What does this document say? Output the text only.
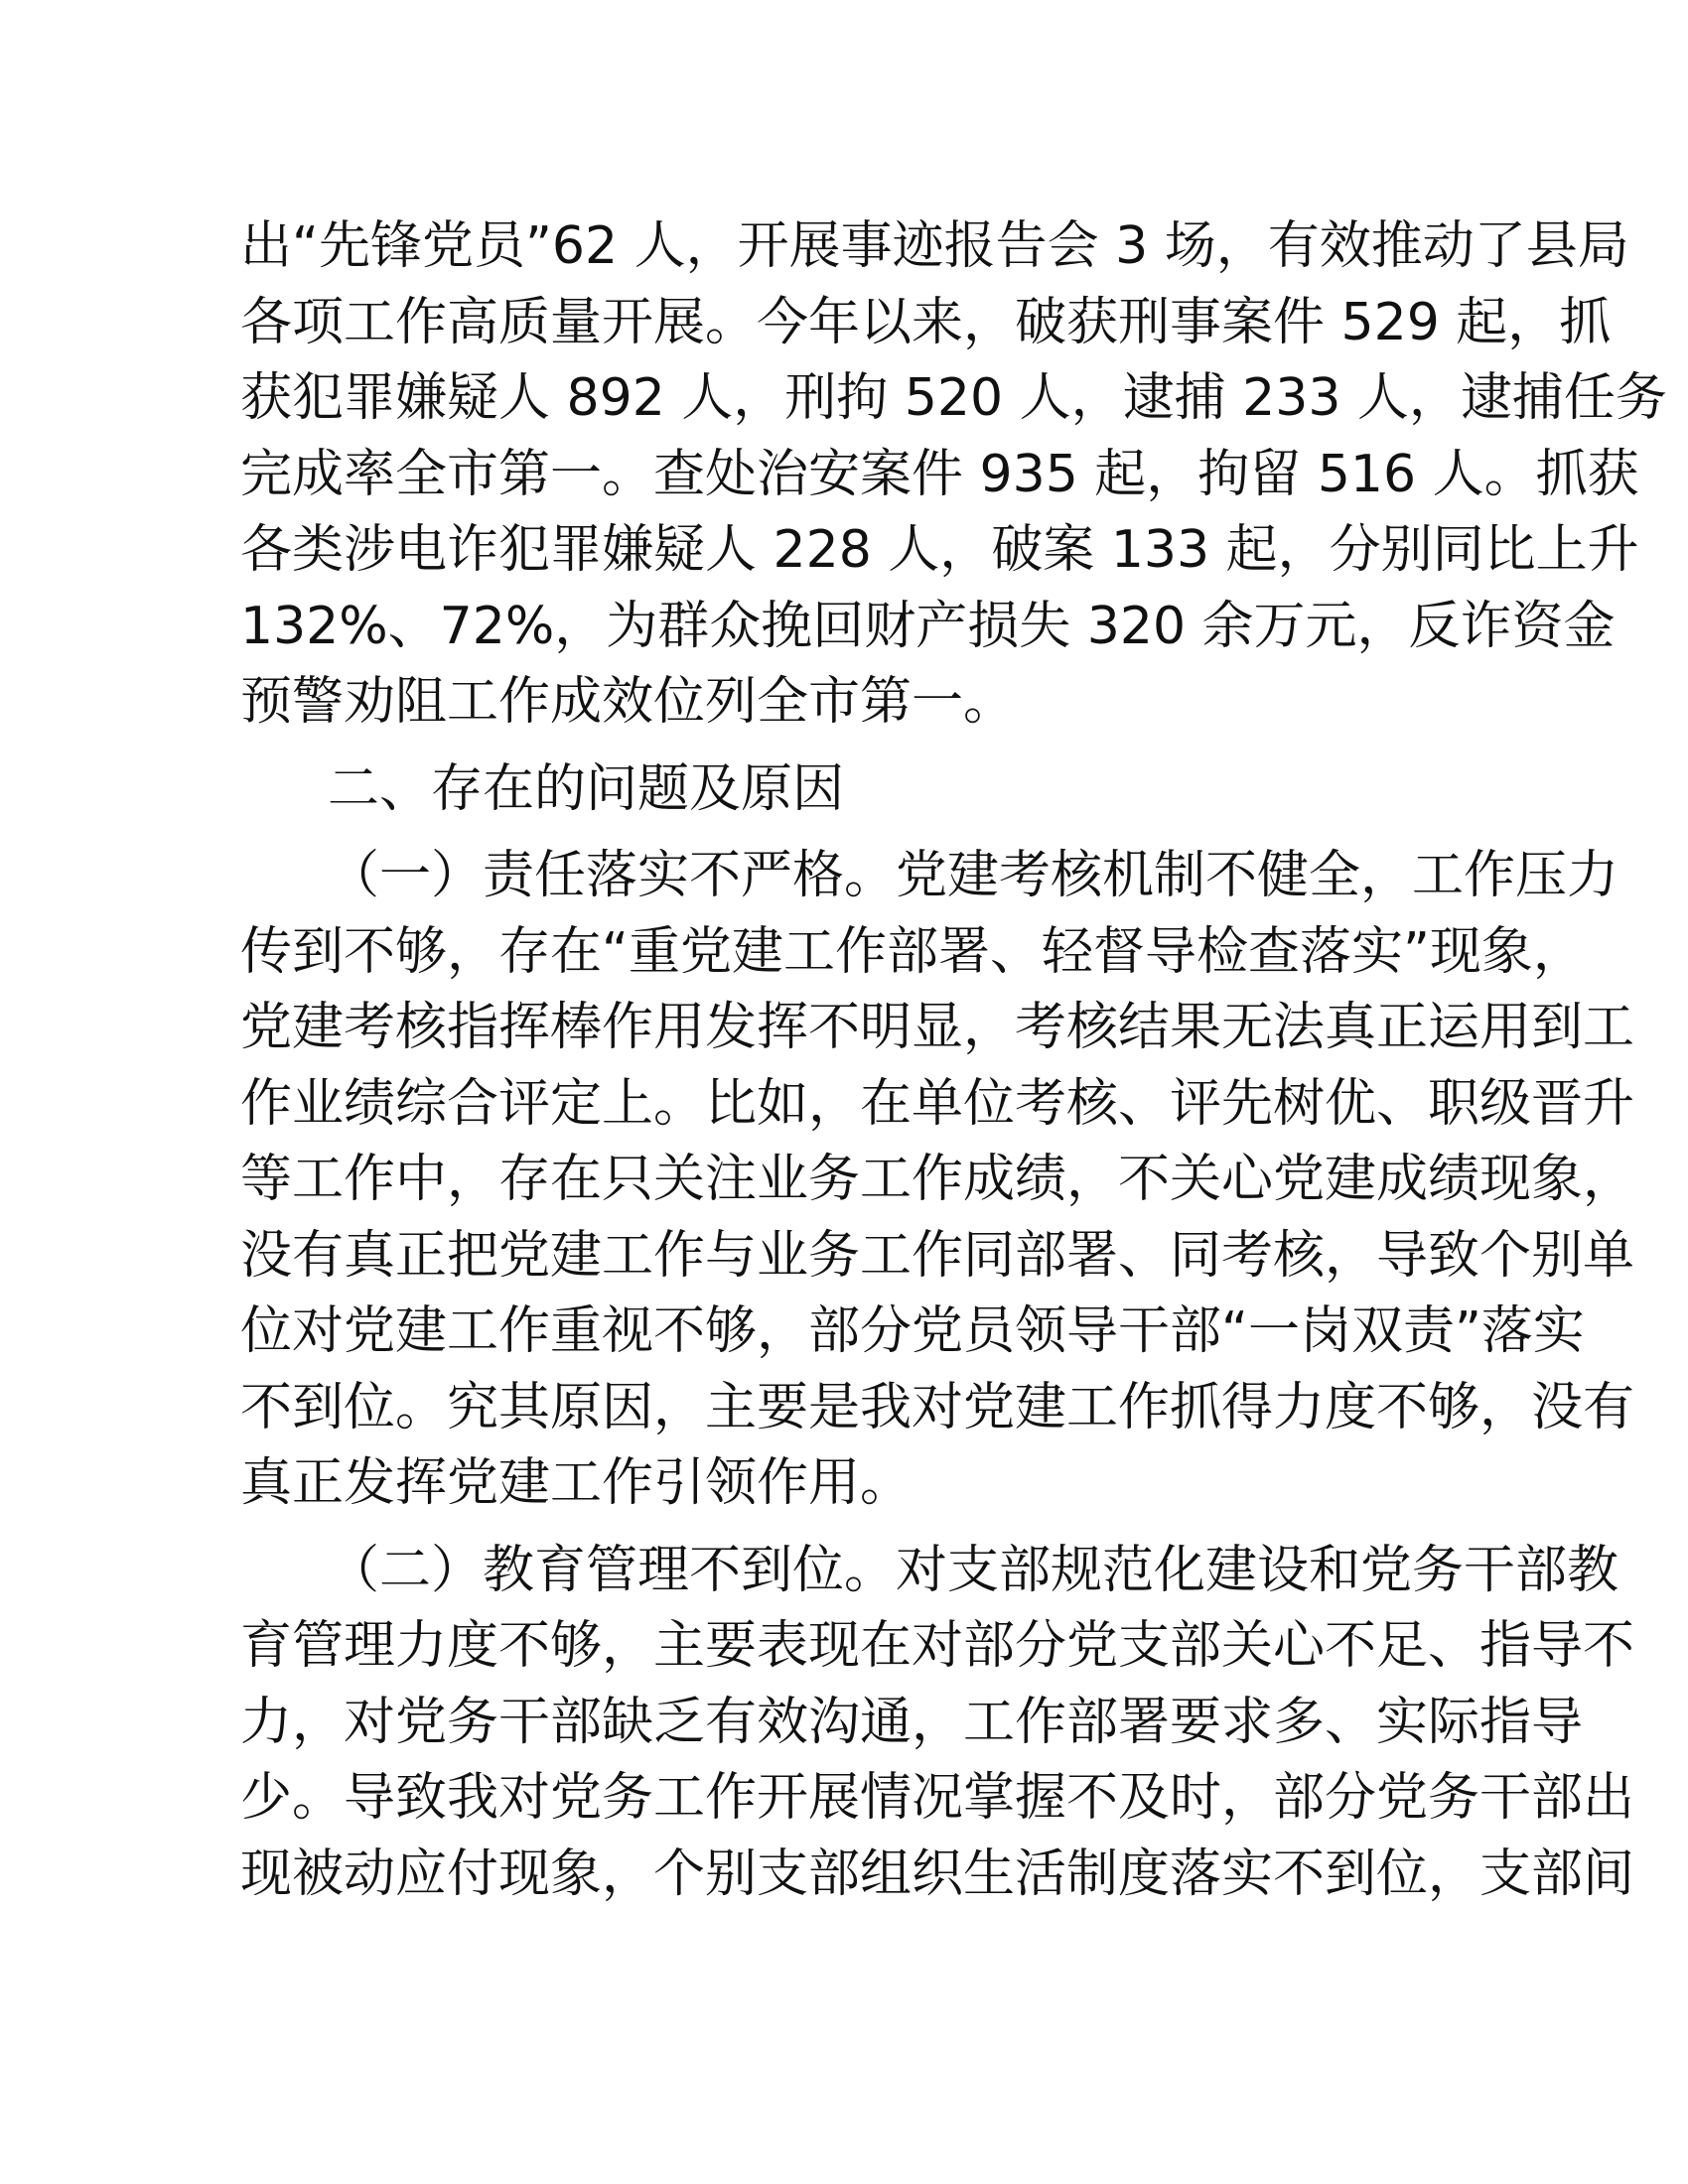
出“先锋党员”62 人，开展事迹报告会 3 场，有效推动了县局
各项工作高质量开展。今年以来，破获刑事案件 529 起，抓
获犯罪嫌疑人 892 人，刑拘 520 人，逮捕 233 人，逮捕任务
完成率全市第一。查处治安案件 935 起，拘留 516 人。抓获
各类涉电诈犯罪嫌疑人 228 人，破案 133 起，分别同比上升
132%、72%，为群众挽回财产损失 320 余万元，反诈资金
预警劝阻工作成效位列全市第一。
二、存在的问题及原因
（一）责任落实不严格。党建考核机制不健全，工作压力
传到不够，存在“重党建工作部署、轻督导检查落实”现象，
党建考核指挥棒作用发挥不明显，考核结果无法真正运用到工
作业绩综合评定上。比如，在单位考核、评先树优、职级晋升
等工作中，存在只关注业务工作成绩，不关心党建成绩现象，
没有真正把党建工作与业务工作同部署、同考核，导致个别单
位对党建工作重视不够，部分党员领导干部“一岗双责”落实
不到位。究其原因，主要是我对党建工作抓得力度不够，没有
真正发挥党建工作引领作用。
（二）教育管理不到位。对支部规范化建设和党务干部教
育管理力度不够，主要表现在对部分党支部关心不足、指导不
力，对党务干部缺乏有效沟通，工作部署要求多、实际指导
少。导致我对党务工作开展情况掌握不及时，部分党务干部出
现被动应付现象，个别支部组织生活制度落实不到位，支部间
